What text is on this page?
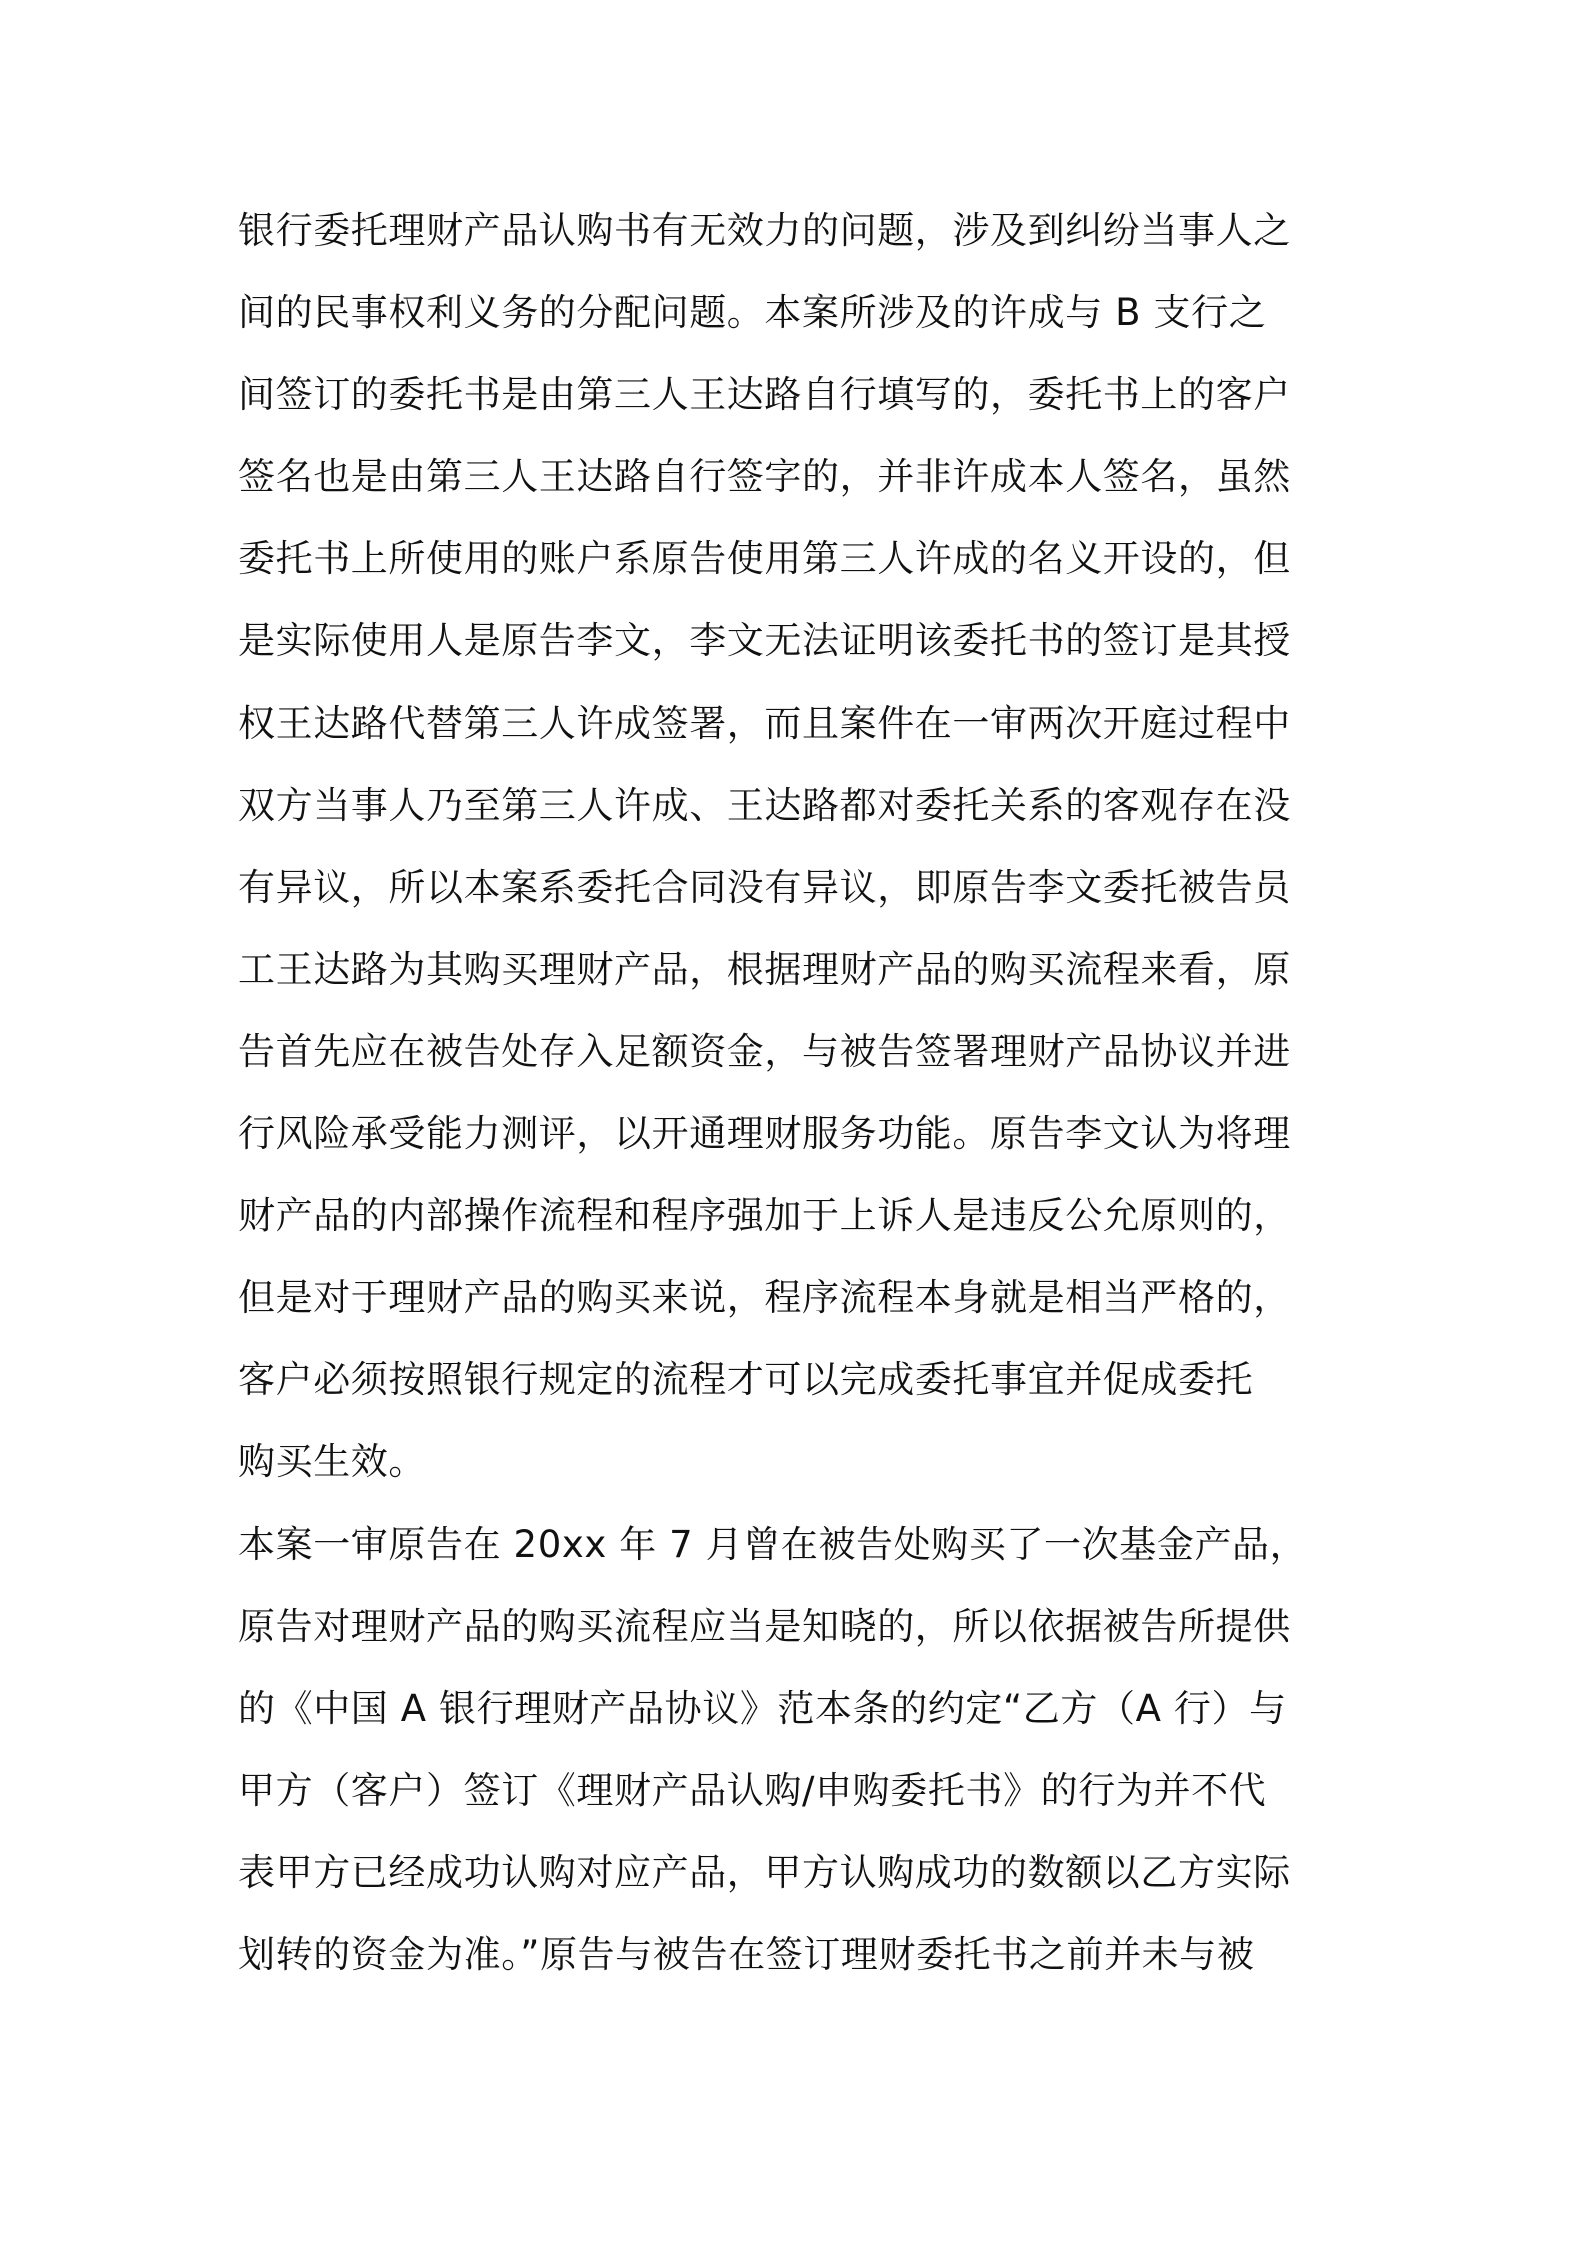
银行委托理财产品认购书有无效力的问题，涉及到纠纷当事人之
间的民事权利义务的分配问题。本案所涉及的许成与 B 支行之
间签订的委托书是由第三人王达路自行填写的，委托书上的客户
签名也是由第三人王达路自行签字的，并非许成本人签名，虽然
委托书上所使用的账户系原告使用第三人许成的名义开设的，但
是实际使用人是原告李文，李文无法证明该委托书的签订是其授
权王达路代替第三人许成签署，而且案件在一审两次开庭过程中
双方当事人乃至第三人许成、王达路都对委托关系的客观存在没
有异议，所以本案系委托合同没有异议，即原告李文委托被告员
工王达路为其购买理财产品，根据理财产品的购买流程来看，原
告首先应在被告处存入足额资金，与被告签署理财产品协议并进
行风险承受能力测评，以开通理财服务功能。原告李文认为将理
财产品的内部操作流程和程序强加于上诉人是违反公允原则的，
但是对于理财产品的购买来说，程序流程本身就是相当严格的，
客户必须按照银行规定的流程才可以完成委托事宜并促成委托
购买生效。
本案一审原告在 20xx 年 7 月曾在被告处购买了一次基金产品，
原告对理财产品的购买流程应当是知晓的，所以依据被告所提供
的《中国 A 银行理财产品协议》范本条的约定“乙方（A 行）与
甲方（客户）签订《理财产品认购/申购委托书》的行为并不代
表甲方已经成功认购对应产品，甲方认购成功的数额以乙方实际
划转的资金为准。”原告与被告在签订理财委托书之前并未与被
